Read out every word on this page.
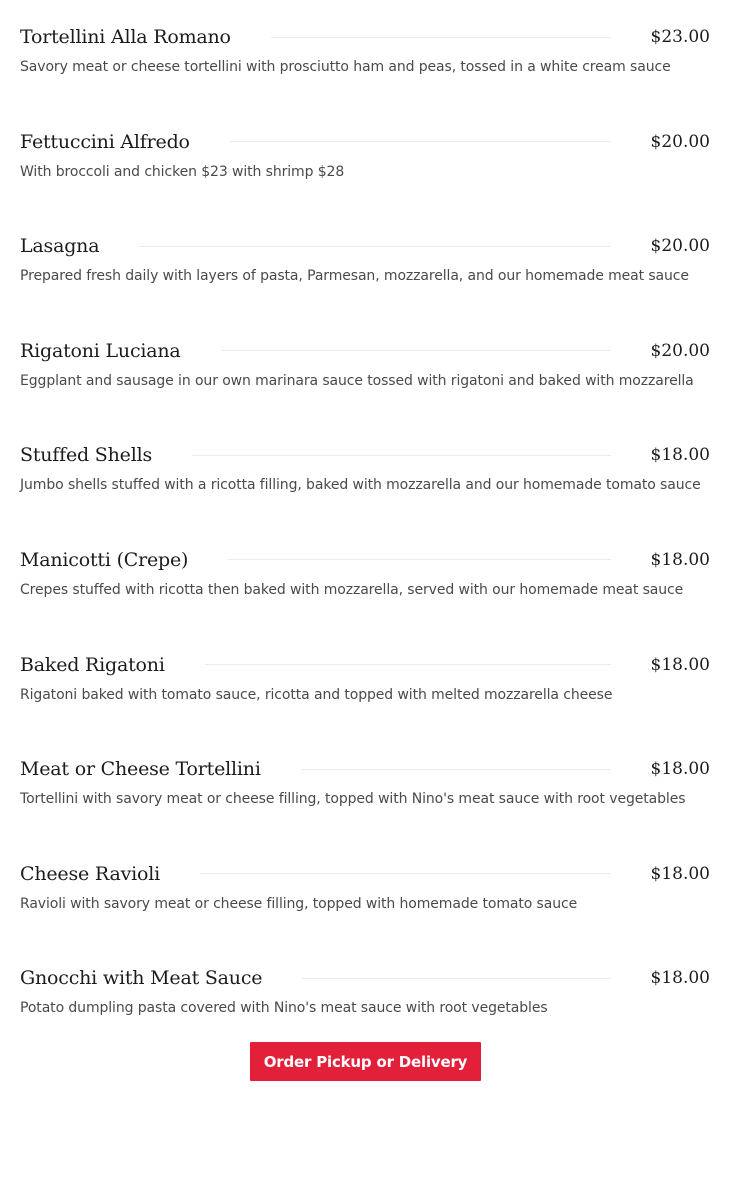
Tortellini Alla Romano	$23.00
Savory meat or cheese tortellini with prosciutto ham and peas, tossed in a white cream sauce
Fettuccini Alfredo	$20.00
With broccoli and chicken $23 with shrimp $28
Lasagna	$20.00
Prepared fresh daily with layers of pasta, Parmesan, mozzarella, and our homemade meat sauce
Rigatoni Luciana	$20.00
Eggplant and sausage in our own marinara sauce tossed with rigatoni and baked with mozzarella
Stuffed Shells	$18.00
Jumbo shells stuffed with a ricotta filling, baked with mozzarella and our homemade tomato sauce
Manicotti (Crepe)	$18.00
Crepes stuffed with ricotta then baked with mozzarella, served with our homemade meat sauce
Baked Rigatoni	$18.00
Rigatoni baked with tomato sauce, ricotta and topped with melted mozzarella cheese
Meat or Cheese Tortellini	$18.00
Tortellini with savory meat or cheese filling, topped with Nino's meat sauce with root vegetables
Cheese Ravioli	$18.00
Ravioli with savory meat or cheese filling, topped with homemade tomato sauce
Gnocchi with Meat Sauce	$18.00
Potato dumpling pasta covered with Nino's meat sauce with root vegetables
Order Pickup or Delivery
